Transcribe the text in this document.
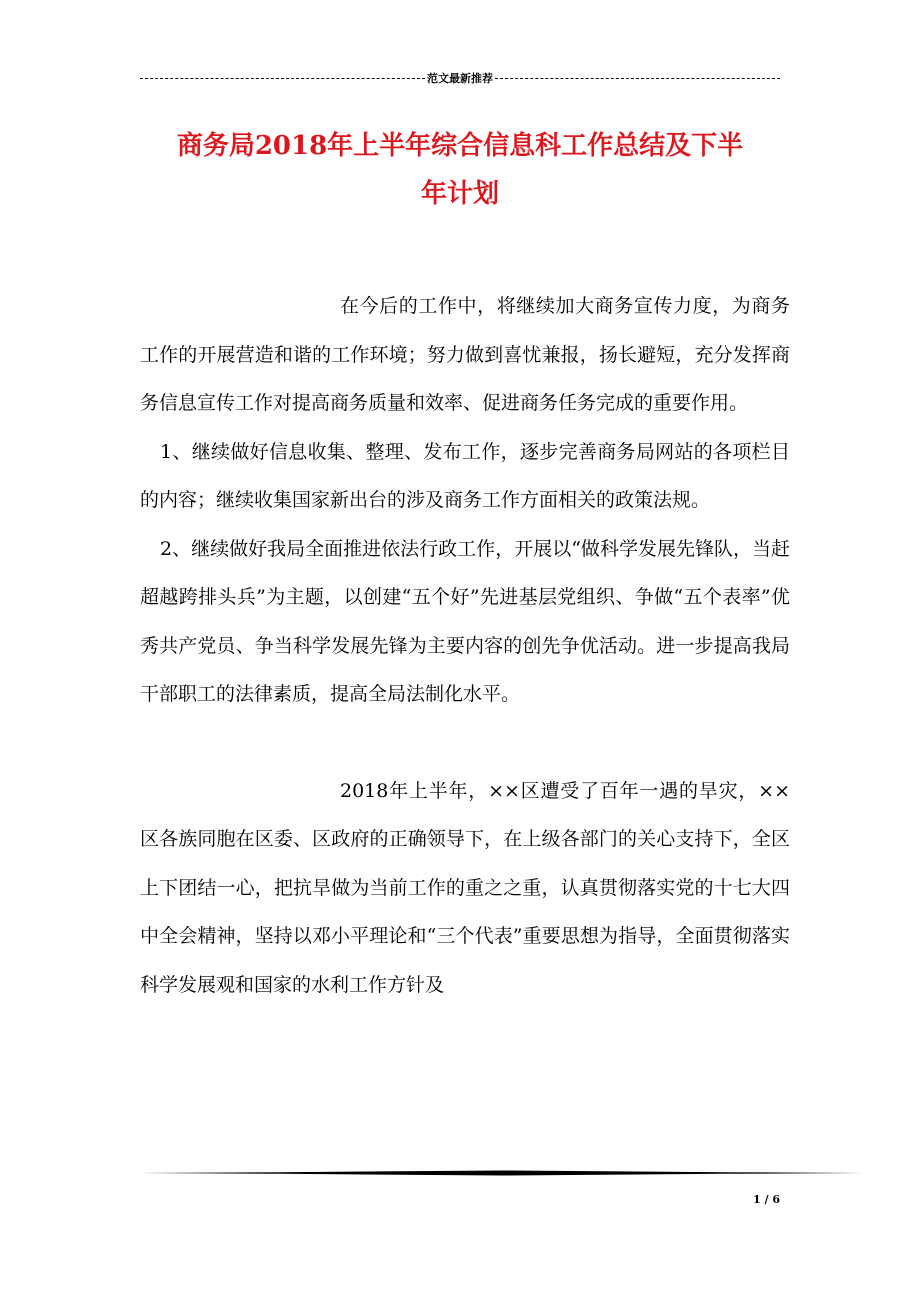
范文最新推荐
商务局2018年上半年综合信息科工作总结及下半
年计划

在今后的工作中，将继续加大商务宣传力度，为商务工作的开展营造和谐的工作环境；努力做到喜忧兼报，扬长避短，充分发挥商务信息宣传工作对提高商务质量和效率、促进商务任务完成的重要作用。

1、继续做好信息收集、整理、发布工作，逐步完善商务局网站的各项栏目的内容；继续收集国家新出台的涉及商务工作方面相关的政策法规。

2、继续做好我局全面推进依法行政工作，开展以“做科学发展先锋队，当赶超越跨排头兵”为主题，以创建“五个好”先进基层党组织、争做“五个表率”优秀共产党员、争当科学发展先锋为主要内容的创先争优活动。进一步提高我局干部职工的法律素质，提高全局法制化水平。

2018年上半年，××区遭受了百年一遇的旱灾，××区各族同胞在区委、区政府的正确领导下，在上级各部门的关心支持下，全区上下团结一心，把抗旱做为当前工作的重之之重，认真贯彻落实党的十七大四中全会精神，坚持以邓小平理论和“三个代表”重要思想为指导，全面贯彻落实科学发展观和国家的水利工作方针及

1 / 6
